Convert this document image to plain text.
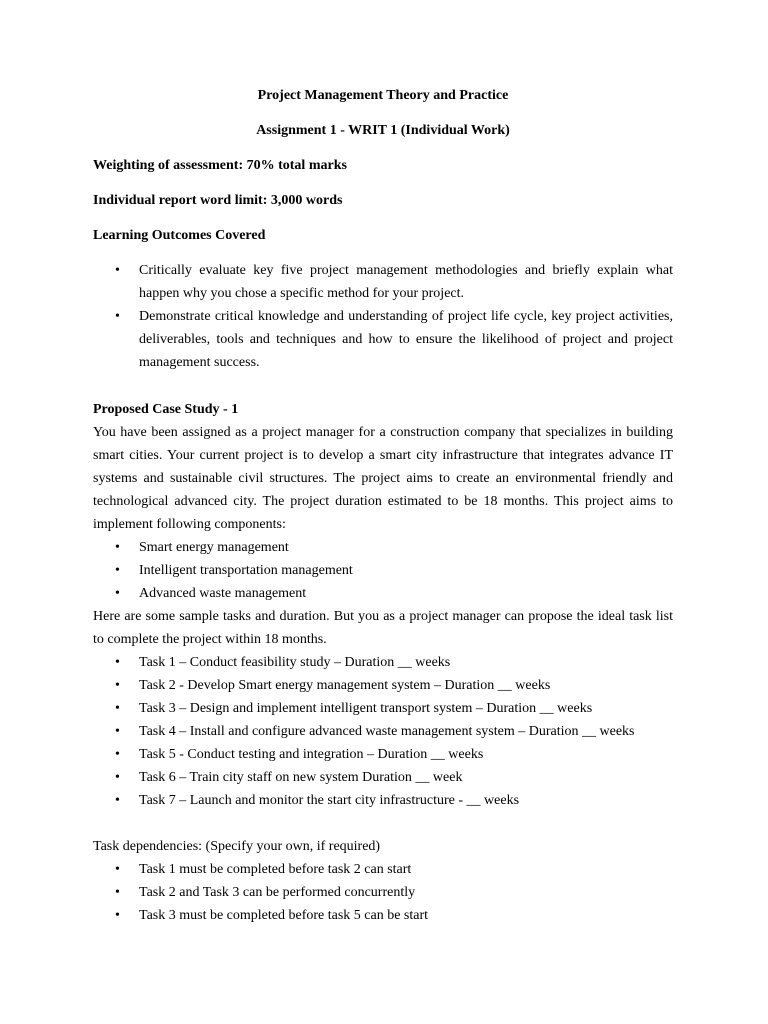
Project Management Theory and Practice

Assignment 1 - WRIT 1 (Individual Work)

Weighting of assessment: 70% total marks

Individual report word limit: 3,000 words

Learning Outcomes Covered

• Critically evaluate key five project management methodologies and briefly explain what happen why you chose a specific method for your project.
• Demonstrate critical knowledge and understanding of project life cycle, key project activities, deliverables, tools and techniques and how to ensure the likelihood of project and project management success.

Proposed Case Study - 1

You have been assigned as a project manager for a construction company that specializes in building smart cities. Your current project is to develop a smart city infrastructure that integrates advance IT systems and sustainable civil structures. The project aims to create an environmental friendly and technological advanced city. The project duration estimated to be 18 months. This project aims to implement following components:

• Smart energy management
• Intelligent transportation management
• Advanced waste management

Here are some sample tasks and duration. But you as a project manager can propose the ideal task list to complete the project within 18 months.

• Task 1 – Conduct feasibility study – Duration __ weeks
• Task 2 - Develop Smart energy management system – Duration __ weeks
• Task 3 – Design and implement intelligent transport system – Duration __ weeks
• Task 4 – Install and configure advanced waste management system – Duration __ weeks
• Task 5 - Conduct testing and integration – Duration __ weeks
• Task 6 – Train city staff on new system Duration __ week
• Task 7 – Launch and monitor the start city infrastructure - __ weeks

Task dependencies: (Specify your own, if required)

• Task 1 must be completed before task 2 can start
• Task 2 and Task 3 can be performed concurrently
• Task 3 must be completed before task 5 can be start
